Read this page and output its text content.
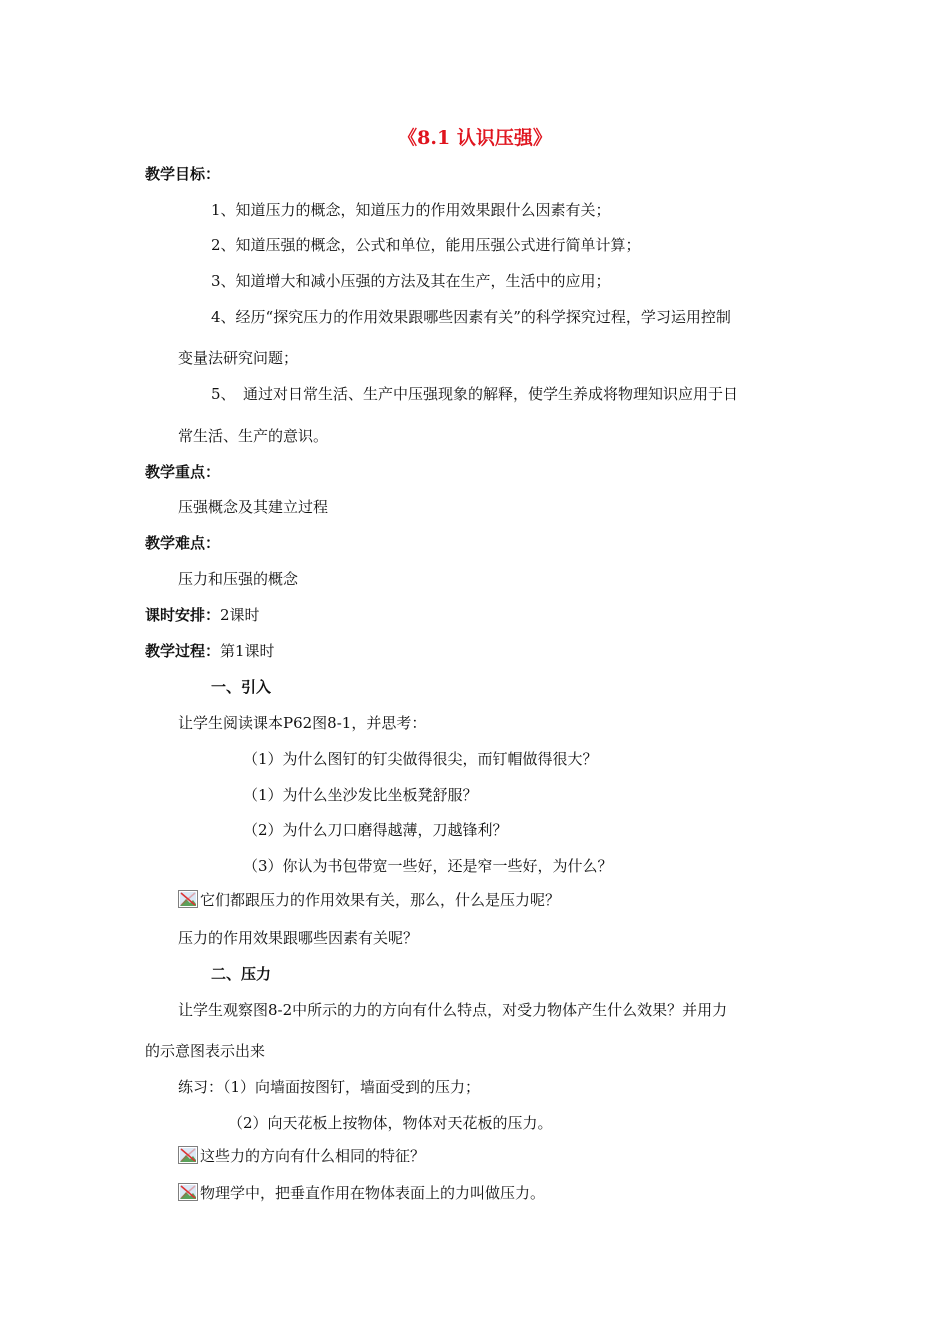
《8.1 认识压强》
教学目标：
1、知道压力的概念，知道压力的作用效果跟什么因素有关；
2、知道压强的概念，公式和单位，能用压强公式进行简单计算；
3、知道增大和减小压强的方法及其在生产，生活中的应用；
4、经历“探究压力的作用效果跟哪些因素有关”的科学探究过程，学习运用控制
变量法研究问题；
5、　通过对日常生活、生产中压强现象的解释，使学生养成将物理知识应用于日
常生活、生产的意识。
教学重点：
压强概念及其建立过程
教学难点：
压力和压强的概念
课时安排：2课时
教学过程：第1课时
一、引入
让学生阅读课本P62图8-1，并思考：
（1）为什么图钉的钉尖做得很尖，而钉帽做得很大？
（1）为什么坐沙发比坐板凳舒服？
（2）为什么刀口磨得越薄，刀越锋利？
（3）你认为书包带宽一些好，还是窄一些好，为什么？
它们都跟压力的作用效果有关，那么，什么是压力呢？
压力的作用效果跟哪些因素有关呢？
二、压力
让学生观察图8-2中所示的力的方向有什么特点，对受力物体产生什么效果？并用力
的示意图表示出来
练习：（1）向墙面按图钉，墙面受到的压力；
（2）向天花板上按物体，物体对天花板的压力。
这些力的方向有什么相同的特征？
物理学中，把垂直作用在物体表面上的力叫做压力。
